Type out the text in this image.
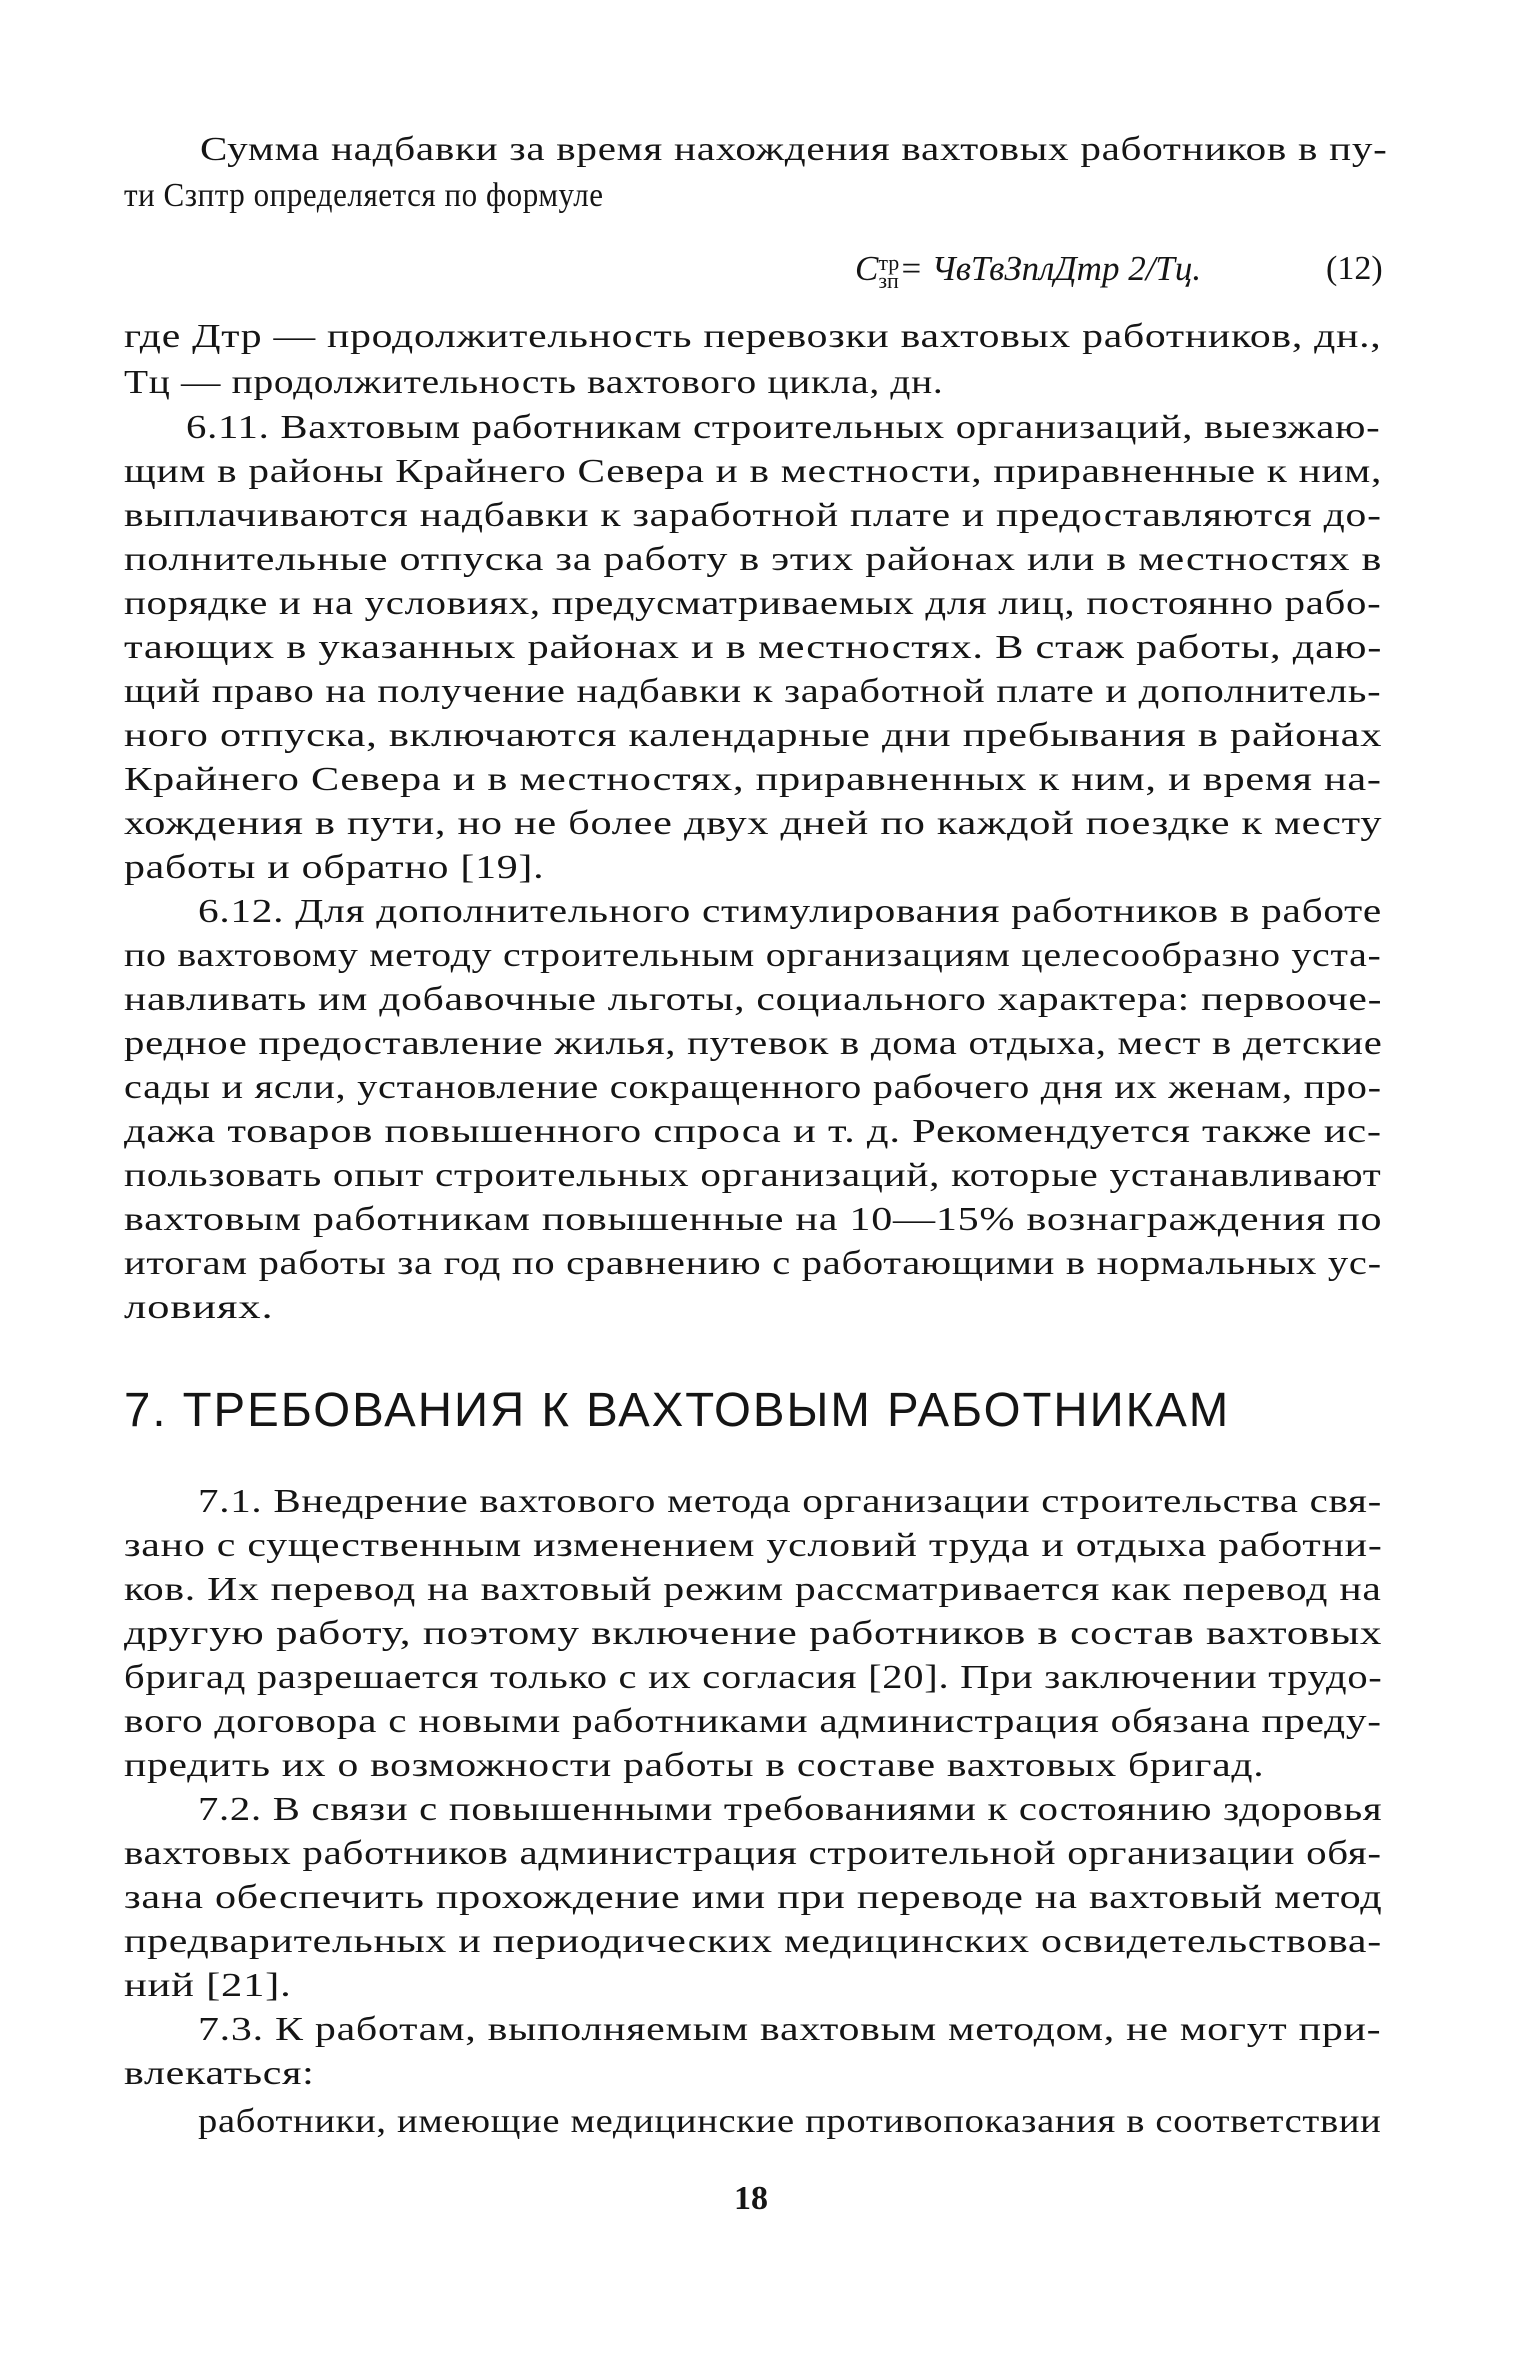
Сумма надбавки за время нахождения вахтовых работников в пу-
ти Cзптр определяется по формуле
C тр
зп = ЧвТвЗплДтр 2/Тц.	(12)
где Дтр — продолжительность перевозки вахтовых работников, дн.,
Тц — продолжительность вахтового цикла, дн.
6.11. Вахтовым работникам строительных организаций, выезжаю-
щим в районы Крайнего Севера и в местности, приравненные к ним,
выплачиваются надбавки к заработной плате и предоставляются до-
полнительные отпуска за работу в этих районах или в местностях в
порядке и на условиях, предусматриваемых для лиц, постоянно рабо-
тающих в указанных районах и в местностях. В стаж работы, даю-
щий право на получение надбавки к заработной плате и дополнитель-
ного отпуска, включаются календарные дни пребывания в районах
Крайнего Севера и в местностях, приравненных к ним, и время на-
хождения в пути, но не более двух дней по каждой поездке к месту
работы и обратно [19].
6.12. Для дополнительного стимулирования работников в работе
по вахтовому методу строительным организациям целесообразно уста-
навливать им добавочные льготы, социального характера: первооче-
редное предоставление жилья, путевок в дома отдыха, мест в детские
сады и ясли, установление сокращенного рабочего дня их женам, про-
дажа товаров повышенного спроса и т. д. Рекомендуется также ис-
пользовать опыт строительных организаций, которые устанавливают
вахтовым работникам повышенные на 10—15% вознаграждения по
итогам работы за год по сравнению с работающими в нормальных ус-
ловиях.
7. ТРЕБОВАНИЯ К ВАХТОВЫМ РАБОТНИКАМ
7.1. Внедрение вахтового метода организации строительства свя-
зано с существенным изменением условий труда и отдыха работни-
ков. Их перевод на вахтовый режим рассматривается как перевод на
другую работу, поэтому включение работников в состав вахтовых
бригад разрешается только с их согласия [20]. При заключении трудо-
вого договора с новыми работниками администрация обязана преду-
предить их о возможности работы в составе вахтовых бригад.
7.2. В связи с повышенными требованиями к состоянию здоровья
вахтовых работников администрация строительной организации обя-
зана обеспечить прохождение ими при переводе на вахтовый метод
предварительных и периодических медицинских освидетельствова-
ний [21].
7.3. К работам, выполняемым вахтовым методом, не могут при-
влекаться:
работники, имеющие медицинские противопоказания в соответствии
18
